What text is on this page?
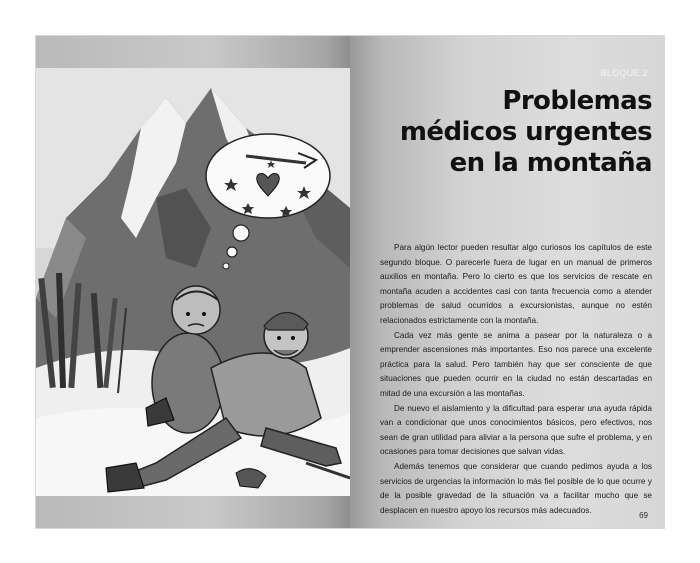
BLOQUE 2
Problemas
médicos urgentes
en la montaña

Para algún lector pueden resultar algo curiosos los capítulos de este segundo bloque. O parecerle fuera de lugar en un manual de primeros auxilios en montaña. Pero lo cierto es que los servicios de rescate en montaña acuden a accidentes casi con tanta frecuencia como a atender problemas de salud ocurridos a excursionistas, aunque no estén relacionados estrictamente con la montaña.

Cada vez más gente se anima a pasear por la naturaleza o a emprender ascensiones más importantes. Eso nos parece una excelente práctica para la salud. Pero también hay que ser consciente de que situaciones que pueden ocurrir en la ciudad no están descartadas en mitad de una excursión a las montañas.

De nuevo el aislamiento y la dificultad para esperar una ayuda rápida van a condicionar que unos conocimientos básicos, pero efectivos, nos sean de gran utilidad para aliviar a la persona que sufre el problema, y en ocasiones para tomar decisiones que salvan vidas.

Además tenemos que considerar que cuando pedimos ayuda a los servicios de urgencias la información lo más fiel posible de lo que ocurre y de la posible gravedad de la situación va a facilitar mucho que se desplacen en nuestro apoyo los recursos más adecuados.

69
